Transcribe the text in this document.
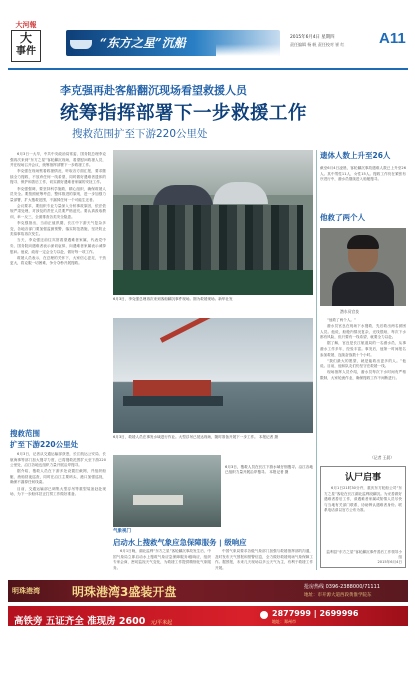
大河報
大
事件
“东方之星”沉船	2015年6月4日 星期四
责任编辑 杨 帆 责任校对 崔 红	A11
李克强再赴客船翻沉现场看望救援人员
统筹指挥部署下一步救援工作
搜救范围扩至下游220公里处

6月3日一大早，中共中央政治局常委、国务院总理李克强再次来到“东方之星”客轮翻沉现场，看望慰问救援人员，并在现场召开会议，统筹指挥部署下一步救援工作。

李克强在现场察看救援情况，听取各方面汇报，要求继续全力搜救，不放弃任何一线希望，同时做好遇难者遗体的搜寻、保护和善后工作，切实做好遇难者家属的安抚工作。

李克强强调，要坚持科学施救，精心组织，确保救援人员安全。要按照统筹考虑、整体推进的原则，进一步加强力量部署，扩大搜救范围，不漏掉任何一个可能生还者。

会议要求，要组织专业力量深入分析事故原因，依法依规严肃处理，对涉及的责任人员要严格追究。要认真汲取教训，举一反三，全面排查各类安全隐患。

李克强指出，当前正值汛期，长江中下游天气复杂多变，各地各部门要加强监测预警，落实防范措施，坚决防止类似事故再次发生。

当天，李克强还前往宾馆看望遇难者家属，代表党中央、国务院向遇难者表示深切哀悼，向遇难者家属表示诚挚慰问。他说，政府一定会全力以赴，做好每一项工作。

救援人员表示，在总理的关怀下，大家信心更足，干劲更大，将克服一切困难，争分夺秒开展搜救。

搜救范围
扩至下游220公里处

6月3日，记者从交通运输部获悉，长江航运公安局、长航海事等部门加大搜寻力度，已将搜救范围扩大至下游220公里处，沿江各地也组织力量开展沿岸搜寻。

据介绍，搜救人员在下游多处设置拦截网，并组织船艇、渔船昼夜巡查，同时在沿江主要码头、港口加强巡视，确保不漏掉任何线索。

目前，交通运输部已调集大型浮吊等重型装备赶赴现场，为下一步船体扶正打捞工作做好准备。

6月3日，李克强总理再次来到客船翻沉事件现场。图为救援现场。新华社发
6月3日，救援人员在事发水域进行作业。大型浮吊已抵达现场，随时准备开展下一步工作。 本报记者 摄
6月3日，搜救人员在长江下游水域仔细搜寻。沿江各地已组织力量开展沿岸搜寻。 本报记者 摄
遗体人数上升至26人
截至6月4日凌晨，客轮翻沉事故遇难人数已上升至26人。其中男性11人，女性15人。搜救工作仍在紧张有序进行中，潜水员继续进入船舱搜寻。
他救了两个人
潜水员官良

“他救了两个人。”

潜水员官良在现场下水搜救，先后救出两名被困人员。他说，船舱内情况复杂，光线很暗，每次下水都有风险，但只要有一线希望，就要全力以赴。

据了解，官良是长江航道局的一名潜水员，从事潜水工作多年，经验丰富。事发后，他第一时间报名参加救援，连续奋战数十个小时。

“我们最大的愿望，就是能救出更多的人。”他说。目前，他和队友们仍坚守在救援一线。

现场指挥人员介绍，潜水员每次下水时间有严格限制，大家轮流作业，确保搜救工作不间断进行。

（记者 王晨）
认尸启事
6月1日21时30分许，重庆东方轮船公司“东方之星”客轮在长江湖北监利段翻沉。为妥善做好遇难者善后工作，请遇难者家属或知情人员尽快与当地有关部门联系，协助辨认遇难者身份。联系电话请以官方公布为准。
监利县“东方之星”客轮翻沉事件善后工作领导小组
2015年6月4日
气象视门
启动水上搜救气象应急保障服务 | 级响应
6月1日晚，湖北监利“东方之星”客轮翻沉事故发生后，中国气象局立即启动水上搜救气象应急保障服务I级响应，组织专家会商，密切监视天气变化，为救援工作提供精细化气象服务。
中国气象局要求各级气象部门加强与救援指挥部的沟通，及时发布天气预报和预警信息，全力做好救援现场气象保障工作。据预报，未来几天现场以多云天气为主，有利于救援工作开展。
明珠港湾	明珠港湾3盛装开盘	抢房热线 0396-2388000/71111
地址：市开源大道西段黄淮学院东
高铁旁 五证齐全 准现房 2600 元/平米起
2877999 | 2699996
地址：郑州市
